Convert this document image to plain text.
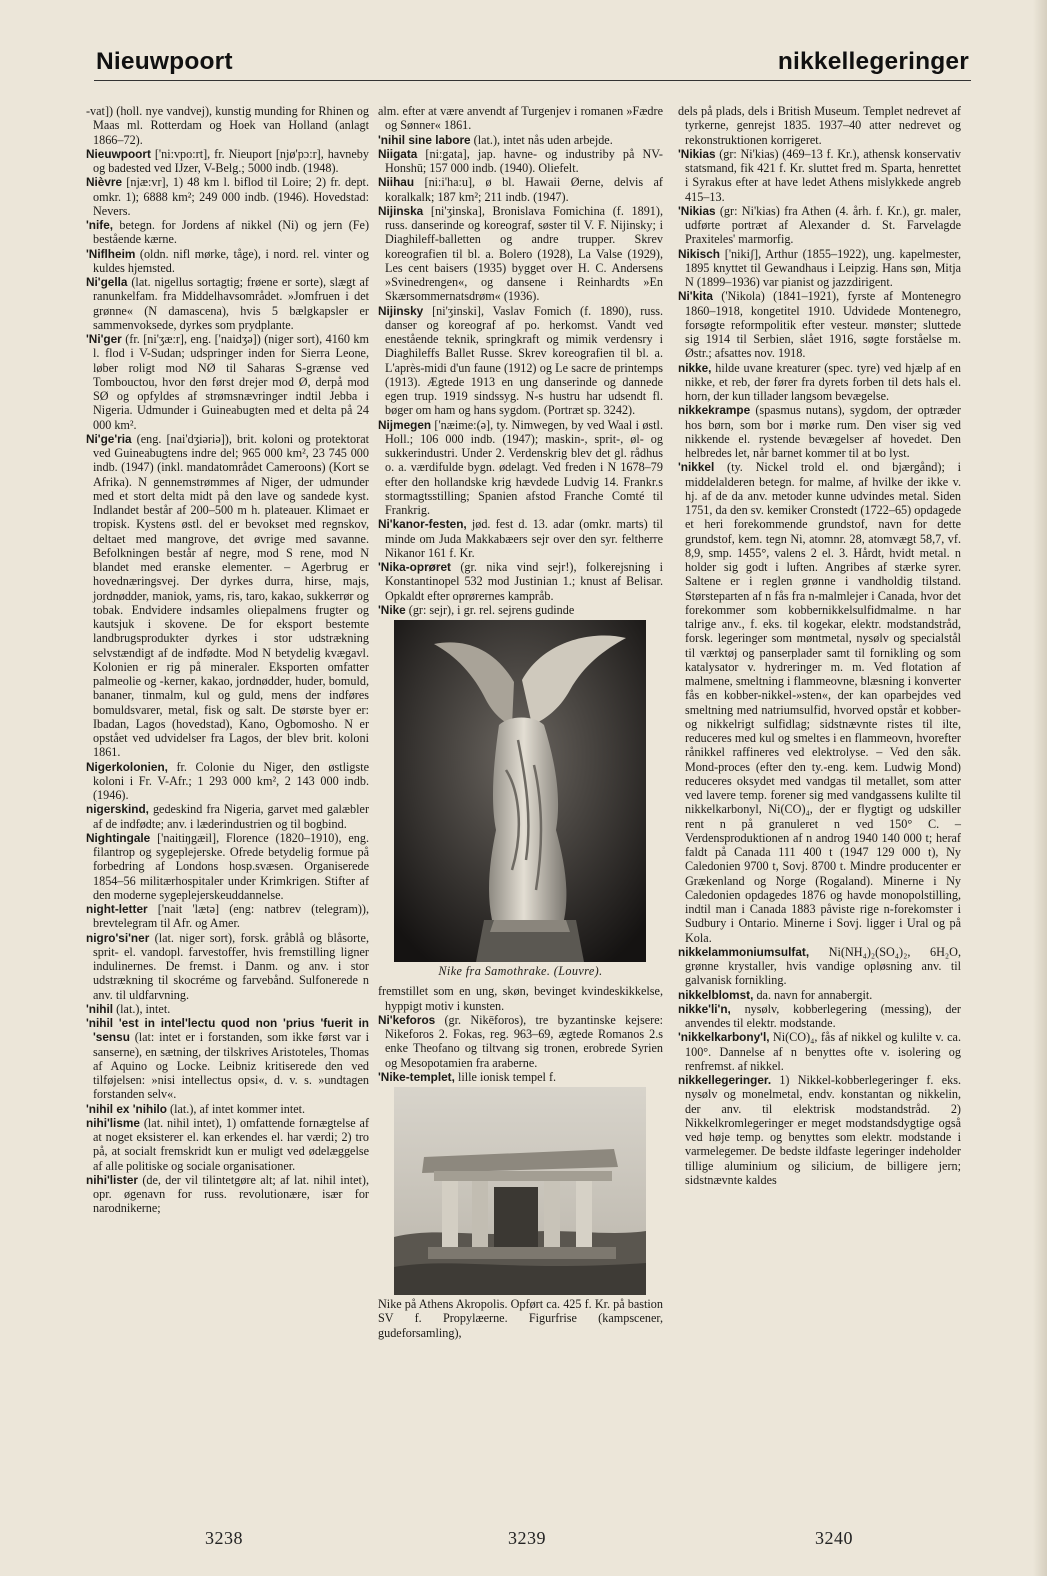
Nieuwpoort	nikkellegeringer

-vat]) (holl. nye vandvej), kunstig munding for Rhinen og Maas ml. Rotterdam og Hoek van Holland (anlagt 1866–72).

Nieuwpoort ['ni:vpo:rt], fr. Nieuport [njø'pɔ:r], havneby og badested ved IJzer, V-Belg.; 5000 indb. (1948).

Nièvre [njæ:vr], 1) 48 km l. biflod til Loire; 2) fr. dept. omkr. 1); 6888 km²; 249 000 indb. (1946). Hovedstad: Nevers.

'nife, betegn. for Jordens af nikkel (Ni) og jern (Fe) bestående kærne.

'Niflheim (oldn. nifl mørke, tåge), i nord. rel. vinter og kuldes hjemsted.

Ni'gella (lat. nigellus sortagtig; frøene er sorte), slægt af ranunkelfam. fra Middelhavsområdet. »Jomfruen i det grønne« (N damascena), hvis 5 bælgkapsler er sammenvoksede, dyrkes som prydplante.

'Ni'ger (fr. [ni'ʒæ:r], eng. ['naidʒə]) (niger sort), 4160 km l. flod i V-Sudan; udspringer inden for Sierra Leone, løber roligt mod NØ til Saharas S-grænse ved Tombouctou, hvor den først drejer mod Ø, derpå mod SØ og opfyldes af strømsnævringer indtil Jebba i Nigeria. Udmunder i Guineabugten med et delta på 24 000 km².

Ni'ge'ria (eng. [nai'dʒiəriə]), brit. koloni og protektorat ved Guineabugtens indre del; 965 000 km², 23 745 000 indb. (1947) (inkl. mandatområdet Cameroons) (Kort se Afrika). N gennemstrømmes af Niger, der udmunder med et stort delta midt på den lave og sandede kyst. Indlandet består af 200–500 m h. plateauer. Klimaet er tropisk. Kystens østl. del er bevokset med regnskov, deltaet med mangrove, det øvrige med savanne. Befolkningen består af negre, mod S rene, mod N blandet med eranske elementer. – Agerbrug er hovednæringsvej. Der dyrkes durra, hirse, majs, jordnødder, maniok, yams, ris, taro, kakao, sukkerrør og tobak. Endvidere indsamles oliepalmens frugter og kautsjuk i skovene. De for eksport bestemte landbrugsprodukter dyrkes i stor udstrækning selvstændigt af de indfødte. Mod N betydelig kvægavl. Kolonien er rig på mineraler. Eksporten omfatter palmeolie og -kerner, kakao, jordnødder, huder, bomuld, bananer, tinmalm, kul og guld, mens der indføres bomuldsvarer, metal, fisk og salt. De største byer er: Ibadan, Lagos (hovedstad), Kano, Ogbomosho. N er opstået ved udvidelser fra Lagos, der blev brit. koloni 1861.

Nigerkolonien, fr. Colonie du Niger, den østligste koloni i Fr. V-Afr.; 1 293 000 km², 2 143 000 indb. (1946).

nigerskind, gedeskind fra Nigeria, garvet med galæbler af de indfødte; anv. i læderindustrien og til bogbind.

Nightingale ['naitiŋgæil], Florence (1820–1910), eng. filantrop og sygeplejerske. Ofrede betydelig formue på forbedring af Londons hosp.svæsen. Organiserede 1854–56 militærhospitaler under Krimkrigen. Stifter af den moderne sygeplejerskeuddannelse.

night-letter ['nait 'lætə] (eng: natbrev (telegram)), brevtelegram til Afr. og Amer.

nigro'si'ner (lat. niger sort), forsk. gråblå og blåsorte, sprit- el. vandopl. farvestoffer, hvis fremstilling ligner indulinernes. De fremst. i Danm. og anv. i stor udstrækning til skocréme og farvebånd. Sulfonerede n anv. til uldfarvning.

'nihil (lat.), intet.

'nihil 'est in intel'lectu quod non 'prius 'fuerit in 'sensu (lat: intet er i forstanden, som ikke først var i sanserne), en sætning, der tilskrives Aristoteles, Thomas af Aquino og Locke. Leibniz kritiserede den ved tilføjelsen: »nisi intellectus opsi«, d. v. s. »undtagen forstanden selv«.

'nihil ex 'nihilo (lat.), af intet kommer intet.

nihi'lisme (lat. nihil intet), 1) omfattende fornægtelse af at noget eksisterer el. kan erkendes el. har værdi; 2) tro på, at socialt fremskridt kun er muligt ved ødelæggelse af alle politiske og sociale organisationer.

nihi'lister (de, der vil tilintetgøre alt; af lat. nihil intet), opr. øgenavn for russ. revolutionære, især for narodnikerne;

alm. efter at være anvendt af Turgenjev i romanen »Fædre og Sønner« 1861.

'nihil sine labore (lat.), intet nås uden arbejde.

Niigata [ni:gata], jap. havne- og industriby på NV-Honshū; 157 000 indb. (1940). Oliefelt.

Niihau [ni:i'ha:u], ø bl. Hawaii Øerne, delvis af koralkalk; 187 km²; 211 indb. (1947).

Nijinska [ni'ʒinska], Bronislava Fomichina (f. 1891), russ. danserinde og koreograf, søster til V. F. Nijinsky; i Diaghileff-balletten og andre trupper. Skrev koreografien til bl. a. Bolero (1928), La Valse (1929), Les cent baisers (1935) bygget over H. C. Andersens »Svinedrengen«, og dansene i Reinhardts »En Skærsommernatsdrøm« (1936).

Nijinsky [ni'ʒinski], Vaslav Fomich (f. 1890), russ. danser og koreograf af po. herkomst. Vandt ved enestående teknik, springkraft og mimik verdensry i Diaghileffs Ballet Russe. Skrev koreografien til bl. a. L'après-midi d'un faune (1912) og Le sacre de printemps (1913). Ægtede 1913 en ung danserinde og dannede egen trup. 1919 sindssyg. N-s hustru har udsendt fl. bøger om ham og hans sygdom. (Portræt sp. 3242).

Nijmegen ['næime:(ə], ty. Nimwegen, by ved Waal i østl. Holl.; 106 000 indb. (1947); maskin-, sprit-, øl- og sukkerindustri. Under 2. Verdenskrig blev det gl. rådhus o. a. værdifulde bygn. ødelagt. Ved freden i N 1678–79 efter den hollandske krig hævdede Ludvig 14. Frankr.s stormagtsstilling; Spanien afstod Franche Comté til Frankrig.

Ni'kanor-festen, jød. fest d. 13. adar (omkr. marts) til minde om Juda Makkabæers sejr over den syr. feltherre Nikanor 161 f. Kr.

'Nika-oprøret (gr. nika vind sejr!), folkerejsning i Konstantinopel 532 mod Justinian 1.; knust af Belisar. Opkaldt efter oprørernes kampråb.

'Nike (gr: sejr), i gr. rel. sejrens gudinde

Nike fra Samothrake. (Louvre).

fremstillet som en ung, skøn, bevinget kvindeskikkelse, hyppigt motiv i kunsten.

Ni'keforos (gr. Nikēforos), tre byzantinske kejsere: Nikeforos 2. Fokas, reg. 963–69, ægtede Romanos 2.s enke Theofano og tiltvang sig tronen, erobrede Syrien og Mesopotamien fra araberne.

'Nike-templet, lille ionisk tempel f.

Nike på Athens Akropolis. Opført ca. 425 f. Kr. på bastion SV f. Propylæerne. Figurfrise (kampscener, gudeforsamling),

dels på plads, dels i British Museum. Templet nedrevet af tyrkerne, genrejst 1835. 1937–40 atter nedrevet og rekonstruktionen korrigeret.

'Nikias (gr: Ni'kias) (469–13 f. Kr.), athensk konservativ statsmand, fik 421 f. Kr. sluttet fred m. Sparta, henrettet i Syrakus efter at have ledet Athens mislykkede angreb 415–13.

'Nikias (gr: Ni'kias) fra Athen (4. årh. f. Kr.), gr. maler, udførte portræt af Alexander d. St. Farvelagde Praxiteles' marmorfig.

Nikisch ['nikiʃ], Arthur (1855–1922), ung. kapelmester, 1895 knyttet til Gewandhaus i Leipzig. Hans søn, Mitja N (1899–1936) var pianist og jazzdirigent.

Ni'kita ('Nikola) (1841–1921), fyrste af Montenegro 1860–1918, kongetitel 1910. Udvidede Montenegro, forsøgte reformpolitik efter vesteur. mønster; sluttede sig 1914 til Serbien, slået 1916, søgte forståelse m. Østr.; afsattes nov. 1918.

nikke, hilde uvane kreaturer (spec. tyre) ved hjælp af en nikke, et reb, der fører fra dyrets forben til dets hals el. horn, der kun tillader langsom bevægelse.

nikkekrampe (spasmus nutans), sygdom, der optræder hos børn, som bor i mørke rum. Den viser sig ved nikkende el. rystende bevægelser af hovedet. Den helbredes let, når barnet kommer til at bo lyst.

'nikkel (ty. Nickel trold el. ond bjærgånd); i middelalderen betegn. for malme, af hvilke der ikke v. hj. af de da anv. metoder kunne udvindes metal. Siden 1751, da den sv. kemiker Cronstedt (1722–65) opdagede et heri forekommende grundstof, navn for dette grundstof, kem. tegn Ni, atomnr. 28, atomvægt 58,7, vf. 8,9, smp. 1455°, valens 2 el. 3. Hårdt, hvidt metal. n holder sig godt i luften. Angribes af stærke syrer. Saltene er i reglen grønne i vandholdig tilstand. Størsteparten af n fås fra n-malmlejer i Canada, hvor det forekommer som kobbernikkelsulfidmalme. n har talrige anv., f. eks. til kogekar, elektr. modstandstråd, forsk. legeringer som møntmetal, nysølv og specialstål til værktøj og panserplader samt til fornikling og som katalysator v. hydreringer m. m. Ved flotation af malmene, smeltning i flammeovne, blæsning i konverter fås en kobber-nikkel-»sten«, der kan oparbejdes ved smeltning med natriumsulfid, hvorved opstår et kobber- og nikkelrigt sulfidlag; sidstnævnte ristes til ilte, reduceres med kul og smeltes i en flammeovn, hvorefter rånikkel raffineres ved elektrolyse. – Ved den såk. Mond-proces (efter den ty.-eng. kem. Ludwig Mond) reduceres oksydet med vandgas til metallet, som atter ved lavere temp. forener sig med vandgassens kulilte til nikkelkarbonyl, Ni(CO)₄, der er flygtigt og udskiller rent n på granuleret n ved 150° C. – Verdensproduktionen af n androg 1940 140 000 t; heraf faldt på Canada 111 400 t (1947 129 000 t), Ny Caledonien 9700 t, Sovj. 8700 t. Mindre producenter er Grækenland og Norge (Rogaland). Minerne i Ny Caledonien opdagedes 1876 og havde monopolstilling, indtil man i Canada 1883 påviste rige n-forekomster i Sudbury i Ontario. Minerne i Sovj. ligger i Ural og på Kola.

nikkelammoniumsulfat, Ni(NH₄)₂(SO₄)₂, 6H₂O, grønne krystaller, hvis vandige opløsning anv. til galvanisk fornikling.

nikkelblomst, da. navn for annabergit.

nikke'li'n, nysølv, kobberlegering (messing), der anvendes til elektr. modstande.

'nikkelkarbony'l, Ni(CO)₄, fås af nikkel og kulilte v. ca. 100°. Dannelse af n benyttes ofte v. isolering og renfremst. af nikkel.

nikkellegeringer. 1) Nikkel-kobberlegeringer f. eks. nysølv og monelmetal, endv. konstantan og nikkelin, der anv. til elektrisk modstandstråd. 2) Nikkelkromlegeringer er meget modstandsdygtige også ved høje temp. og benyttes som elektr. modstande i varmelegemer. De bedste ildfaste legeringer indeholder tillige aluminium og silicium, de billigere jern; sidstnævnte kaldes

3238	3239	3240
